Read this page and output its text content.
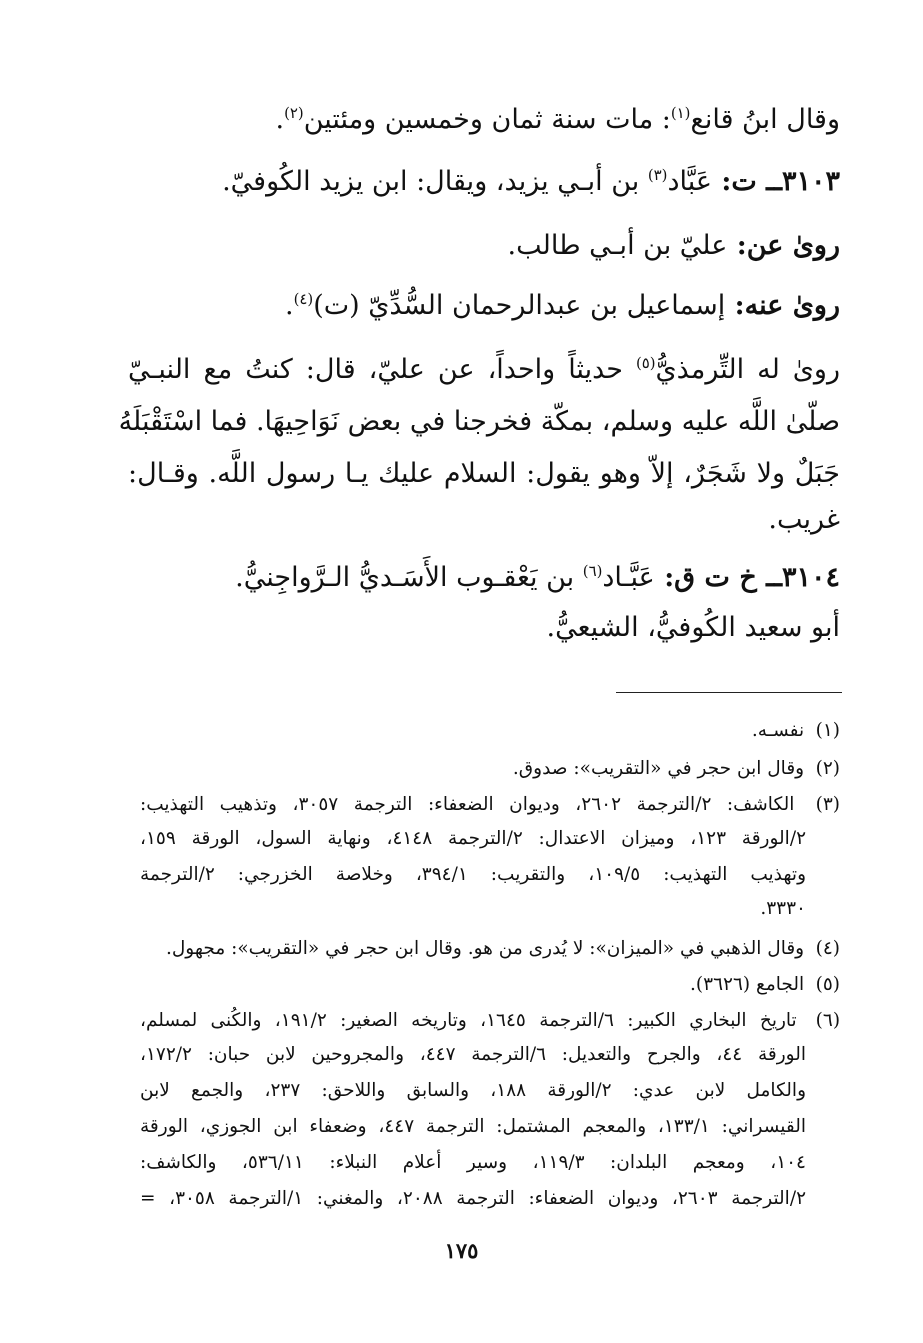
وقال ابنُ قانع$^{(١)}$: مات سنة ثمان وخمسين ومئتين$^{(٢)}$.
٣١٠٣ــ ت: عَبَّاد$^{(٣)}$ بن أبـي يزيد، ويقال: ابن يزيد الكُوفيّ.
روىٰ عن: عليّ بن أبـي طالب.
روىٰ عنه: إسماعيل بن عبدالرحمان السُّدِّيّ (ت)$^{(٤)}$.
روىٰ له التِّرمذيُّ$^{(٥)}$ حديثاً واحداً، عن عليّ، قال: كنتُ مع النبـيّ
صلّىٰ اللَّه عليه وسلم، بمكّة فخرجنا في بعض نَوَاحِيهَا. فما اسْتَقْبَلَهُ
جَبَلٌ ولا شَجَرٌ، إلاّ وهو يقول: السلام عليك يـا رسول اللَّه. وقـال:
غريب.
٣١٠٤ــ خ ت ق: عَبَّـاد$^{(٦)}$ بن يَعْقـوب الأَسَـديُّ الـرَّواجِنيُّ.
أبو سعيد الكُوفيُّ، الشيعيُّ.
(١) نفسـه.
(٢) وقال ابن حجر في «التقريب»: صدوق.
(٣) الكاشف: ٢/الترجمة ٢٦٠٢، وديوان الضعفاء: الترجمة ٣٠٥٧، وتذهيب التهذيب:
٢/الورقة ١٢٣، وميزان الاعتدال: ٢/الترجمة ٤١٤٨، ونهاية السول، الورقة ١٥٩،
وتهذيب التهذيب: ١٠٩/٥، والتقريب: ٣٩٤/١، وخلاصة الخزرجي: ٢/الترجمة
٣٣٣٠.
(٤) وقال الذهبي في «الميزان»: لا يُدرى من هو. وقال ابن حجر في «التقريب»: مجهول.
(٥) الجامع (٣٦٢٦).
(٦) تاريخ البخاري الكبير: ٦/الترجمة ١٦٤٥، وتاريخه الصغير: ١٩١/٢، والكُنى لمسلم،
الورقة ٤٤، والجرح والتعديل: ٦/الترجمة ٤٤٧، والمجروحين لابن حبان: ١٧٢/٢،
والكامل لابن عدي: ٢/الورقة ١٨٨، والسابق واللاحق: ٢٣٧، والجمع لابن
القيسراني: ١٣٣/١، والمعجم المشتمل: الترجمة ٤٤٧، وضعفاء ابن الجوزي، الورقة
١٠٤، ومعجم البلدان: ١١٩/٣، وسير أعلام النبلاء: ٥٣٦/١١، والكاشف:
٢/الترجمة ٢٦٠٣، وديوان الضعفاء: الترجمة ٢٠٨٨، والمغني: ١/الترجمة ٣٠٥٨، =
١٧٥
